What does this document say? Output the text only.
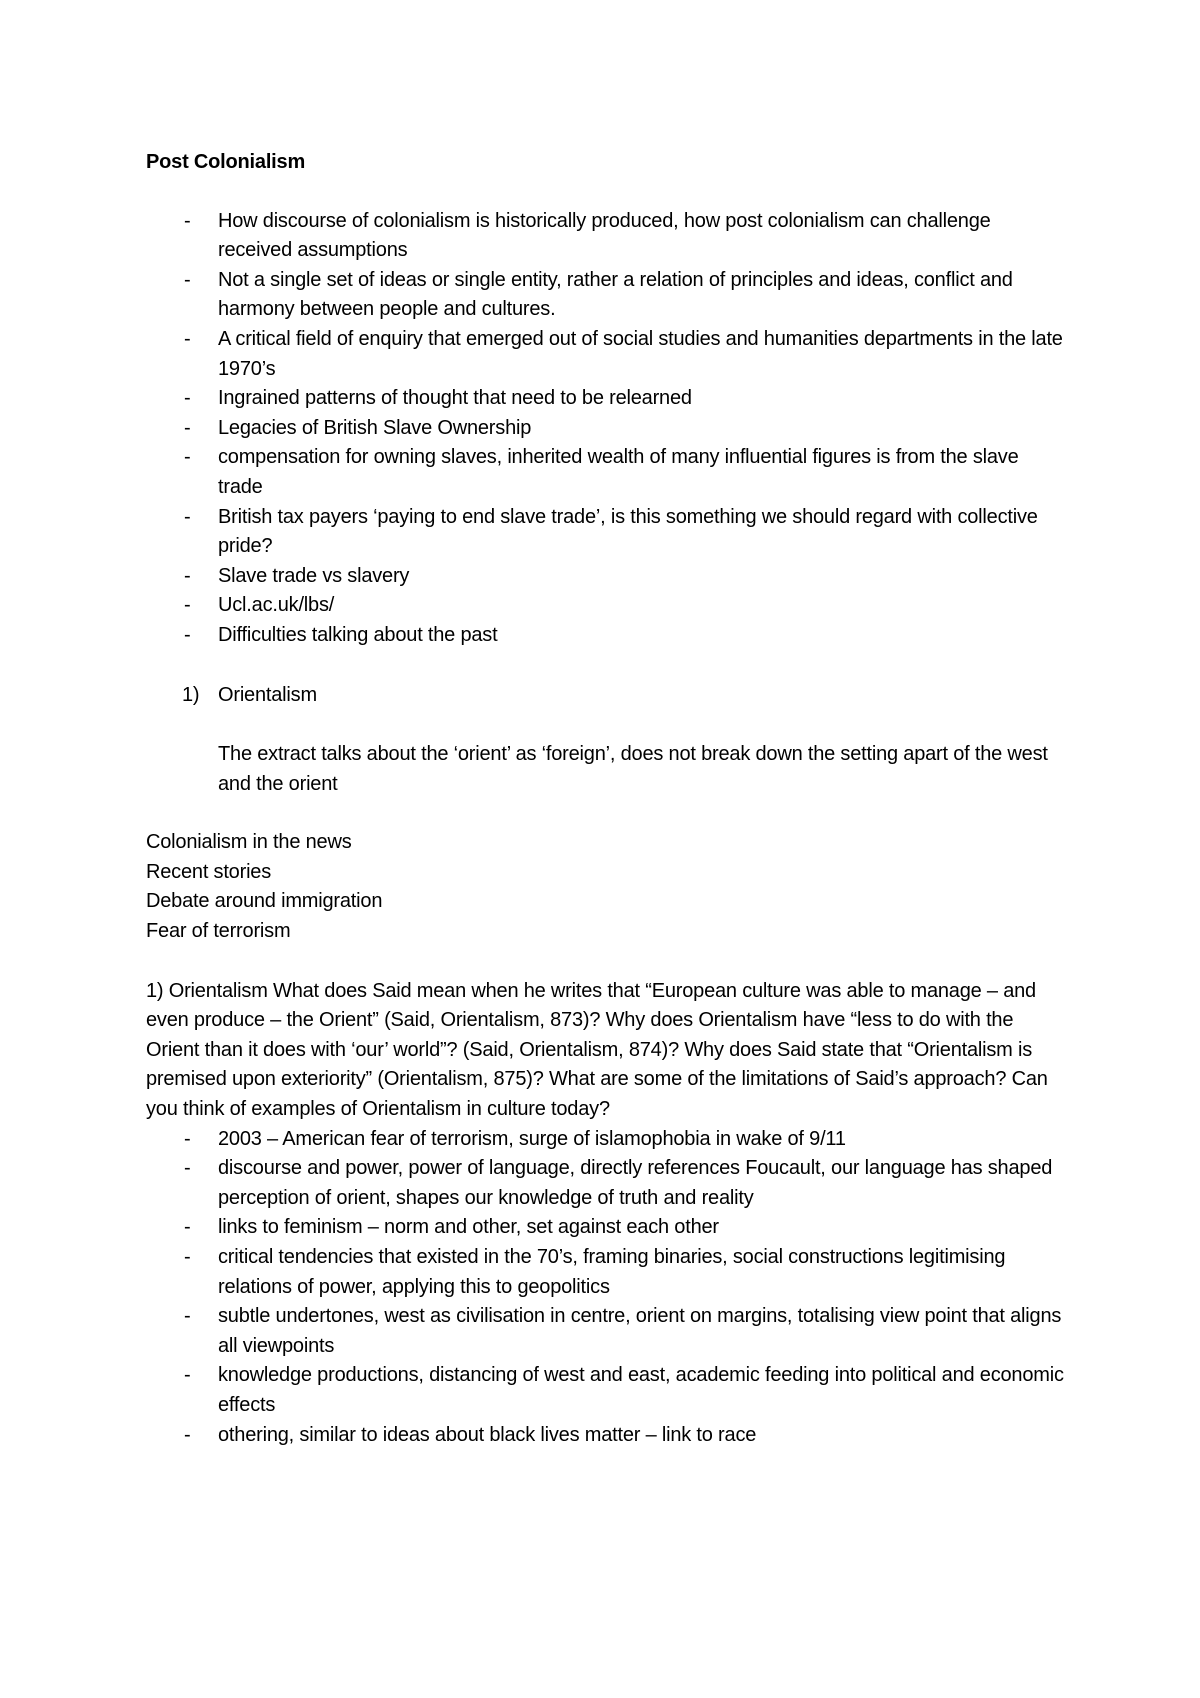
Post Colonialism
- How discourse of colonialism is historically produced, how post colonialism can challenge received assumptions
- Not a single set of ideas or single entity, rather a relation of principles and ideas, conflict and harmony between people and cultures.
- A critical field of enquiry that emerged out of social studies and humanities departments in the late 1970’s
- Ingrained patterns of thought that need to be relearned
- Legacies of British Slave Ownership
- compensation for owning slaves, inherited wealth of many influential figures is from the slave trade
- British tax payers ‘paying to end slave trade’, is this something we should regard with collective pride?
- Slave trade vs slavery
- Ucl.ac.uk/lbs/
- Difficulties talking about the past
1) Orientalism
The extract talks about the ‘orient’ as ‘foreign’, does not break down the setting apart of the west and the orient
Colonialism in the news
Recent stories
Debate around immigration
Fear of terrorism
1) Orientalism What does Said mean when he writes that “European culture was able to manage – and even produce – the Orient” (Said, Orientalism, 873)? Why does Orientalism have “less to do with the Orient than it does with ‘our’ world”? (Said, Orientalism, 874)? Why does Said state that “Orientalism is premised upon exteriority” (Orientalism, 875)? What are some of the limitations of Said’s approach? Can you think of examples of Orientalism in culture today?
- 2003 – American fear of terrorism, surge of islamophobia in wake of 9/11
- discourse and power, power of language, directly references Foucault, our language has shaped perception of orient, shapes our knowledge of truth and reality
- links to feminism – norm and other, set against each other
- critical tendencies that existed in the 70’s, framing binaries, social constructions legitimising relations of power, applying this to geopolitics
- subtle undertones, west as civilisation in centre, orient on margins, totalising view point that aligns all viewpoints
- knowledge productions, distancing of west and east, academic feeding into political and economic effects
- othering, similar to ideas about black lives matter – link to race
